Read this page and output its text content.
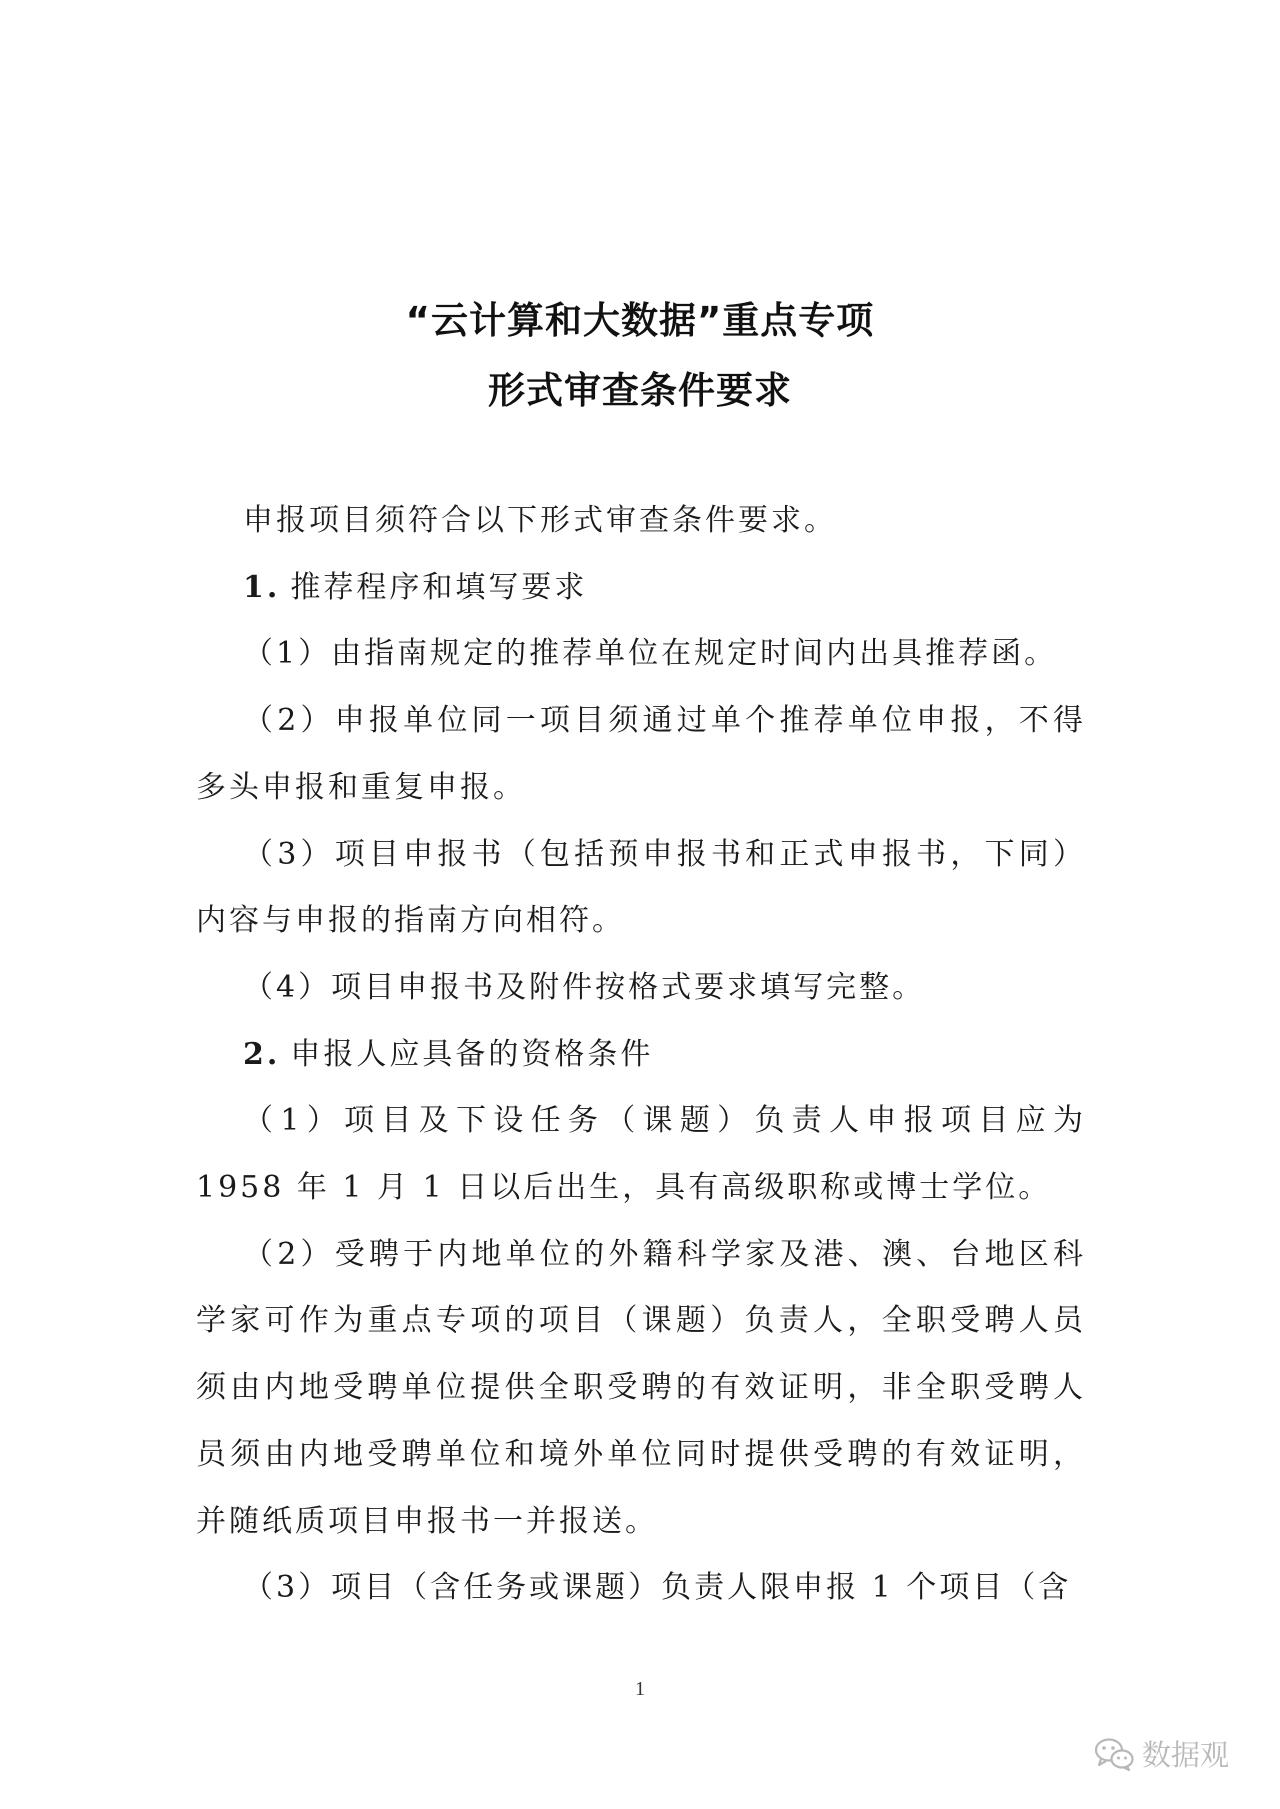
“云计算和大数据”重点专项
形式审查条件要求

申报项目须符合以下形式审查条件要求。

1. 推荐程序和填写要求

（1）由指南规定的推荐单位在规定时间内出具推荐函。

（2）申报单位同一项目须通过单个推荐单位申报，不得多头申报和重复申报。

（3）项目申报书（包括预申报书和正式申报书，下同）内容与申报的指南方向相符。

（4）项目申报书及附件按格式要求填写完整。

2. 申报人应具备的资格条件

（1）项目及下设任务（课题）负责人申报项目应为 1958 年 1 月 1 日以后出生，具有高级职称或博士学位。

（2）受聘于内地单位的外籍科学家及港、澳、台地区科学家可作为重点专项的项目（课题）负责人，全职受聘人员须由内地受聘单位提供全职受聘的有效证明，非全职受聘人员须由内地受聘单位和境外单位同时提供受聘的有效证明，并随纸质项目申报书一并报送。

（3）项目（含任务或课题）负责人限申报 1 个项目（含

1
数据观
